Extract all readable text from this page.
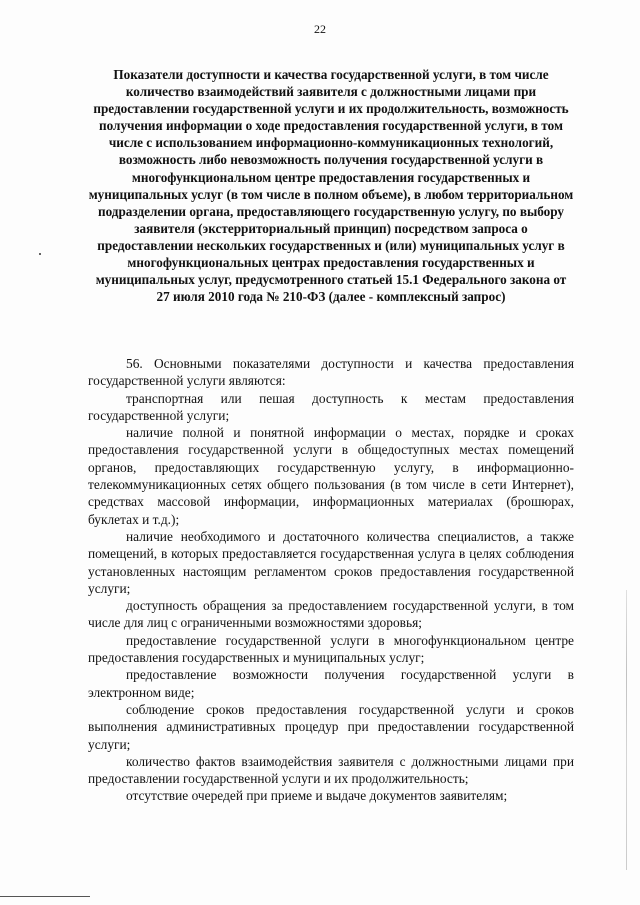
22
Показатели доступности и качества государственной услуги, в том числе количество взаимодействий заявителя с должностными лицами при предоставлении государственной услуги и их продолжительность, возможность получения информации о ходе предоставления государственной услуги, в том числе с использованием информационно-коммуникационных технологий, возможность либо невозможность получения государственной услуги в многофункциональном центре предоставления государственных и муниципальных услуг (в том числе в полном объеме), в любом территориальном подразделении органа, предоставляющего государственную услугу, по выбору заявителя (экстерриториальный принцип) посредством запроса о предоставлении нескольких государственных и (или) муниципальных услуг в многофункциональных центрах предоставления государственных и муниципальных услуг, предусмотренного статьей 15.1 Федерального закона от 27 июля 2010 года № 210-ФЗ (далее - комплексный запрос)

56. Основными показателями доступности и качества предоставления государственной услуги являются:

транспортная или пешая доступность к местам предоставления государственной услуги;

наличие полной и понятной информации о местах, порядке и сроках предоставления государственной услуги в общедоступных местах помещений органов, предоставляющих государственную услугу, в информационно-телекоммуникационных сетях общего пользования (в том числе в сети Интернет), средствах массовой информации, информационных материалах (брошюрах, буклетах и т.д.);

наличие необходимого и достаточного количества специалистов, а также помещений, в которых предоставляется государственная услуга в целях соблюдения установленных настоящим регламентом сроков предоставления государственной услуги;

доступность обращения за предоставлением государственной услуги, в том числе для лиц с ограниченными возможностями здоровья;

предоставление государственной услуги в многофункциональном центре предоставления государственных и муниципальных услуг;

предоставление возможности получения государственной услуги в электронном виде;

соблюдение сроков предоставления государственной услуги и сроков выполнения административных процедур при предоставлении государственной услуги;

количество фактов взаимодействия заявителя с должностными лицами при предоставлении государственной услуги и их продолжительность;

отсутствие очередей при приеме и выдаче документов заявителям;
